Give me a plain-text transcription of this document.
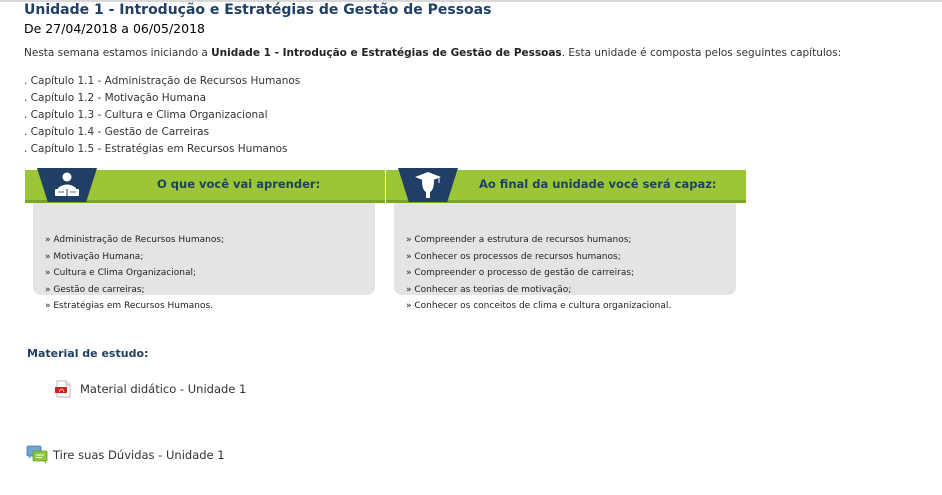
Unidade 1 - Introdução e Estratégias de Gestão de Pessoas
De 27/04/2018 a 06/05/2018
Nesta semana estamos iniciando a Unidade 1 - Introdução e Estratégias de Gestão de Pessoas. Esta unidade é composta pelos seguintes capítulos:
. Capítulo 1.1 - Administração de Recursos Humanos
. Capítulo 1.2 - Motivação Humana
. Capítulo 1.3 - Cultura e Clima Organizacional
. Capítulo 1.4 - Gestão de Carreiras
. Capítulo 1.5 - Estratégias em Recursos Humanos
» Administração de Recursos Humanos;
» Motivação Humana;
» Cultura e Clima Organizacional;
» Gestão de carreiras;
» Estratégias em Recursos Humanos.
O que você vai aprender:
» Compreender a estrutura de recursos humanos;
» Conhecer os processos de recursos humanos;
» Compreender o processo de gestão de carreiras;
» Conhecer as teorias de motivação;
» Conhecer os conceitos de clima e cultura organizacional.
Ao final da unidade você será capaz:
Material de estudo:
Material didático - Unidade 1
Tire suas Dúvidas - Unidade 1
